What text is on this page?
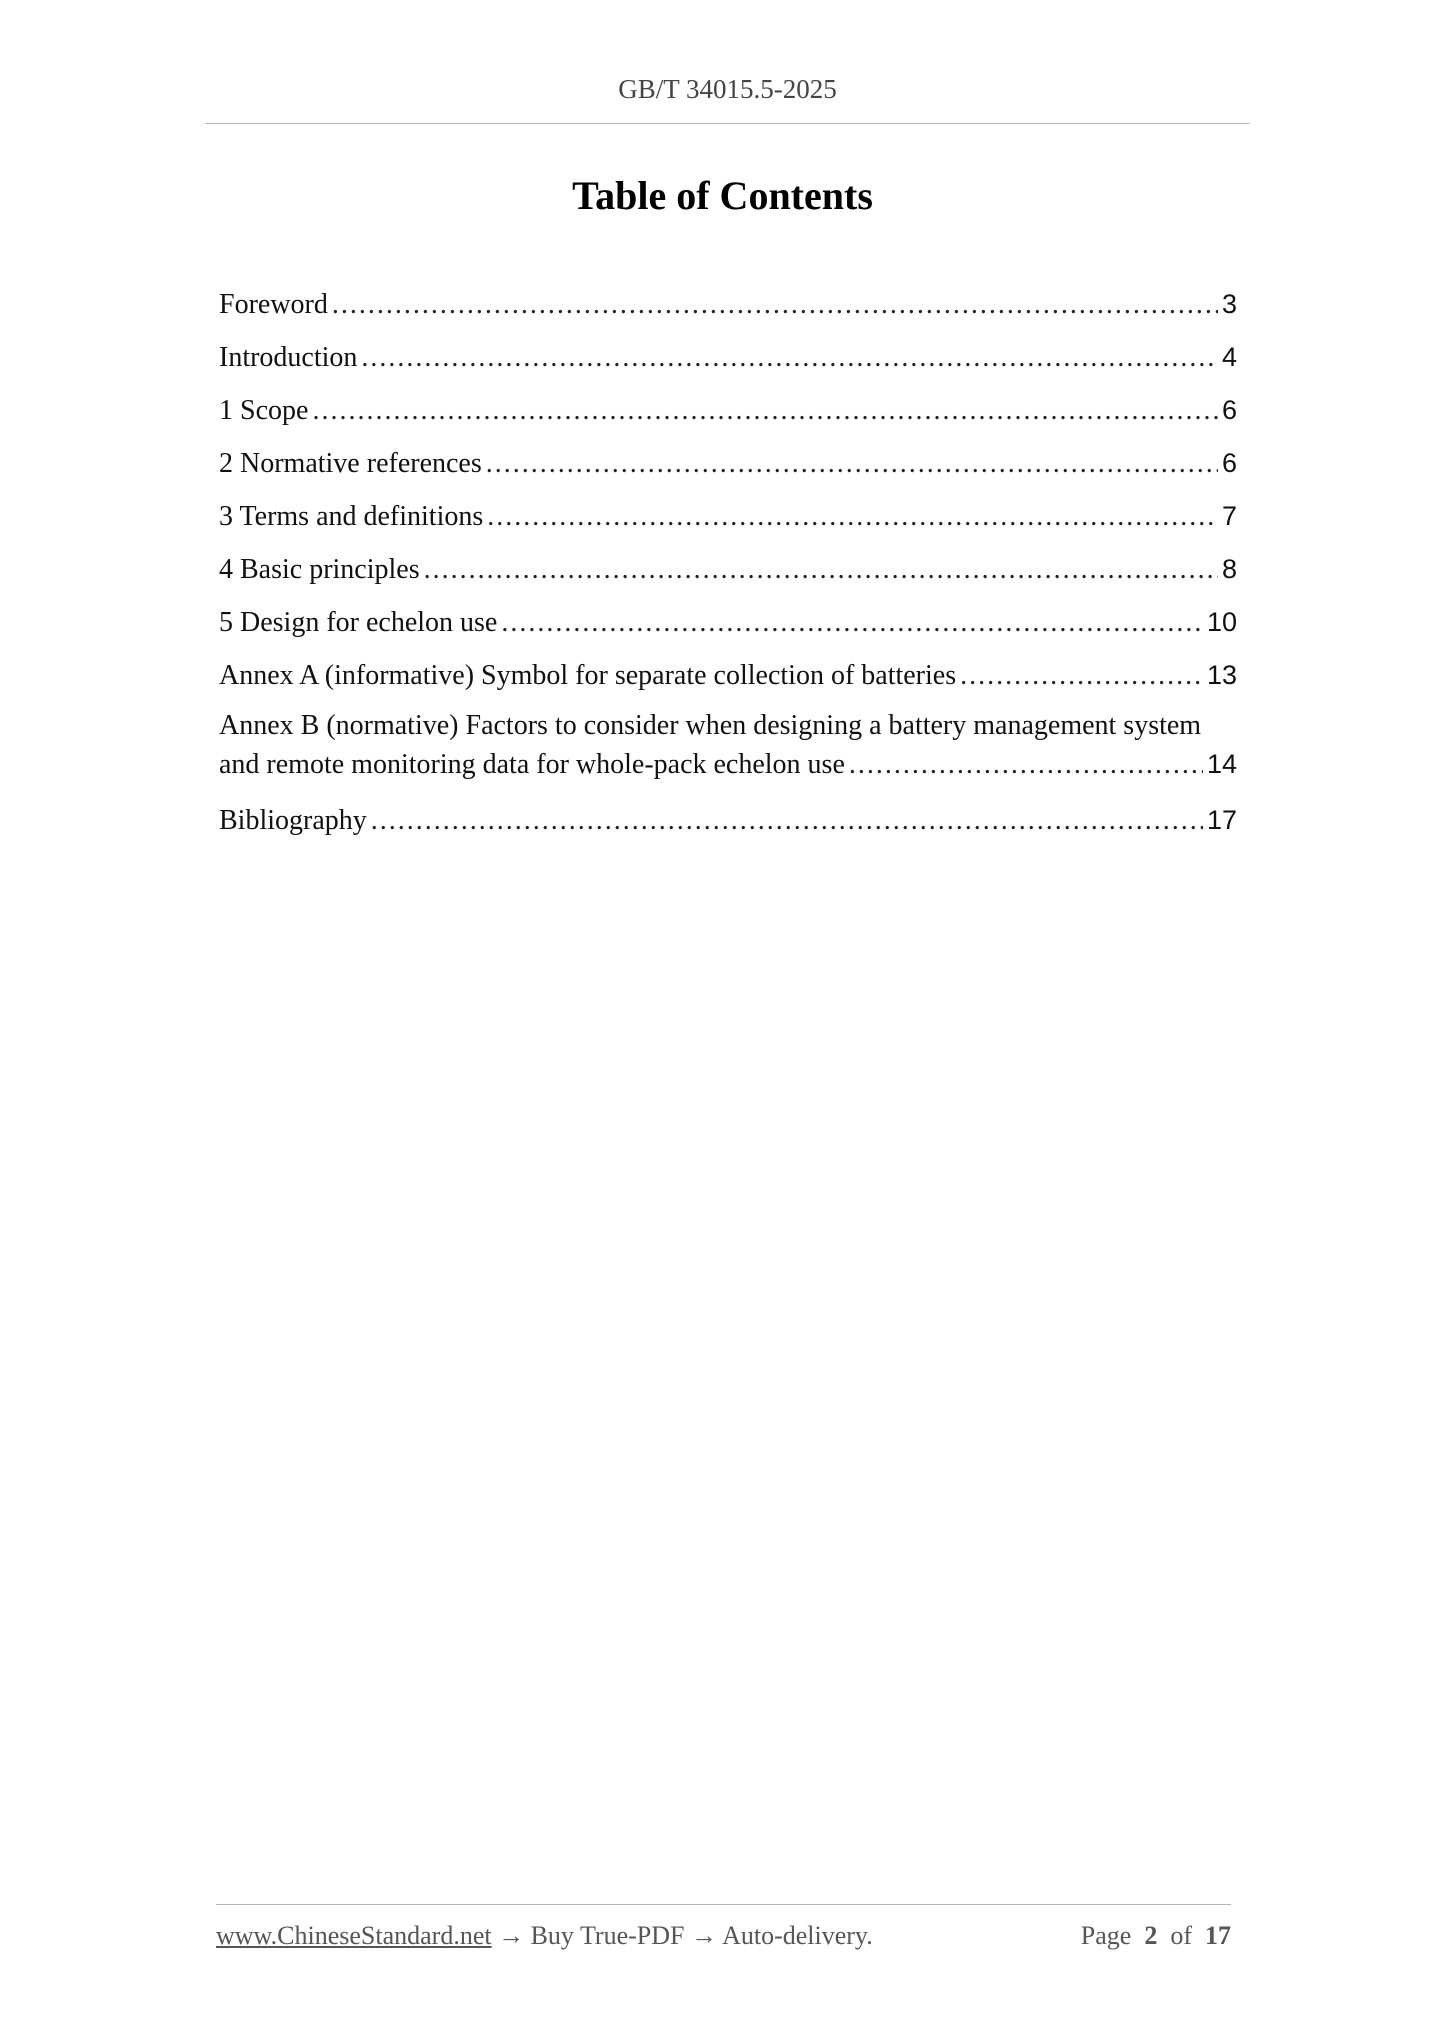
GB/T 34015.5-2025
Table of Contents
Foreword .....	3
Introduction .....	4
1 Scope .....	6
2 Normative references .....	6
3 Terms and definitions .....	7
4 Basic principles .....	8
5 Design for echelon use .....	10
Annex A (informative) Symbol for separate collection of batteries .....	13
Annex B (normative) Factors to consider when designing a battery management system
and remote monitoring data for whole-pack echelon use .....	14
Bibliography .....	17
www.ChineseStandard.net → Buy True-PDF → Auto-delivery.	Page 2 of 17
